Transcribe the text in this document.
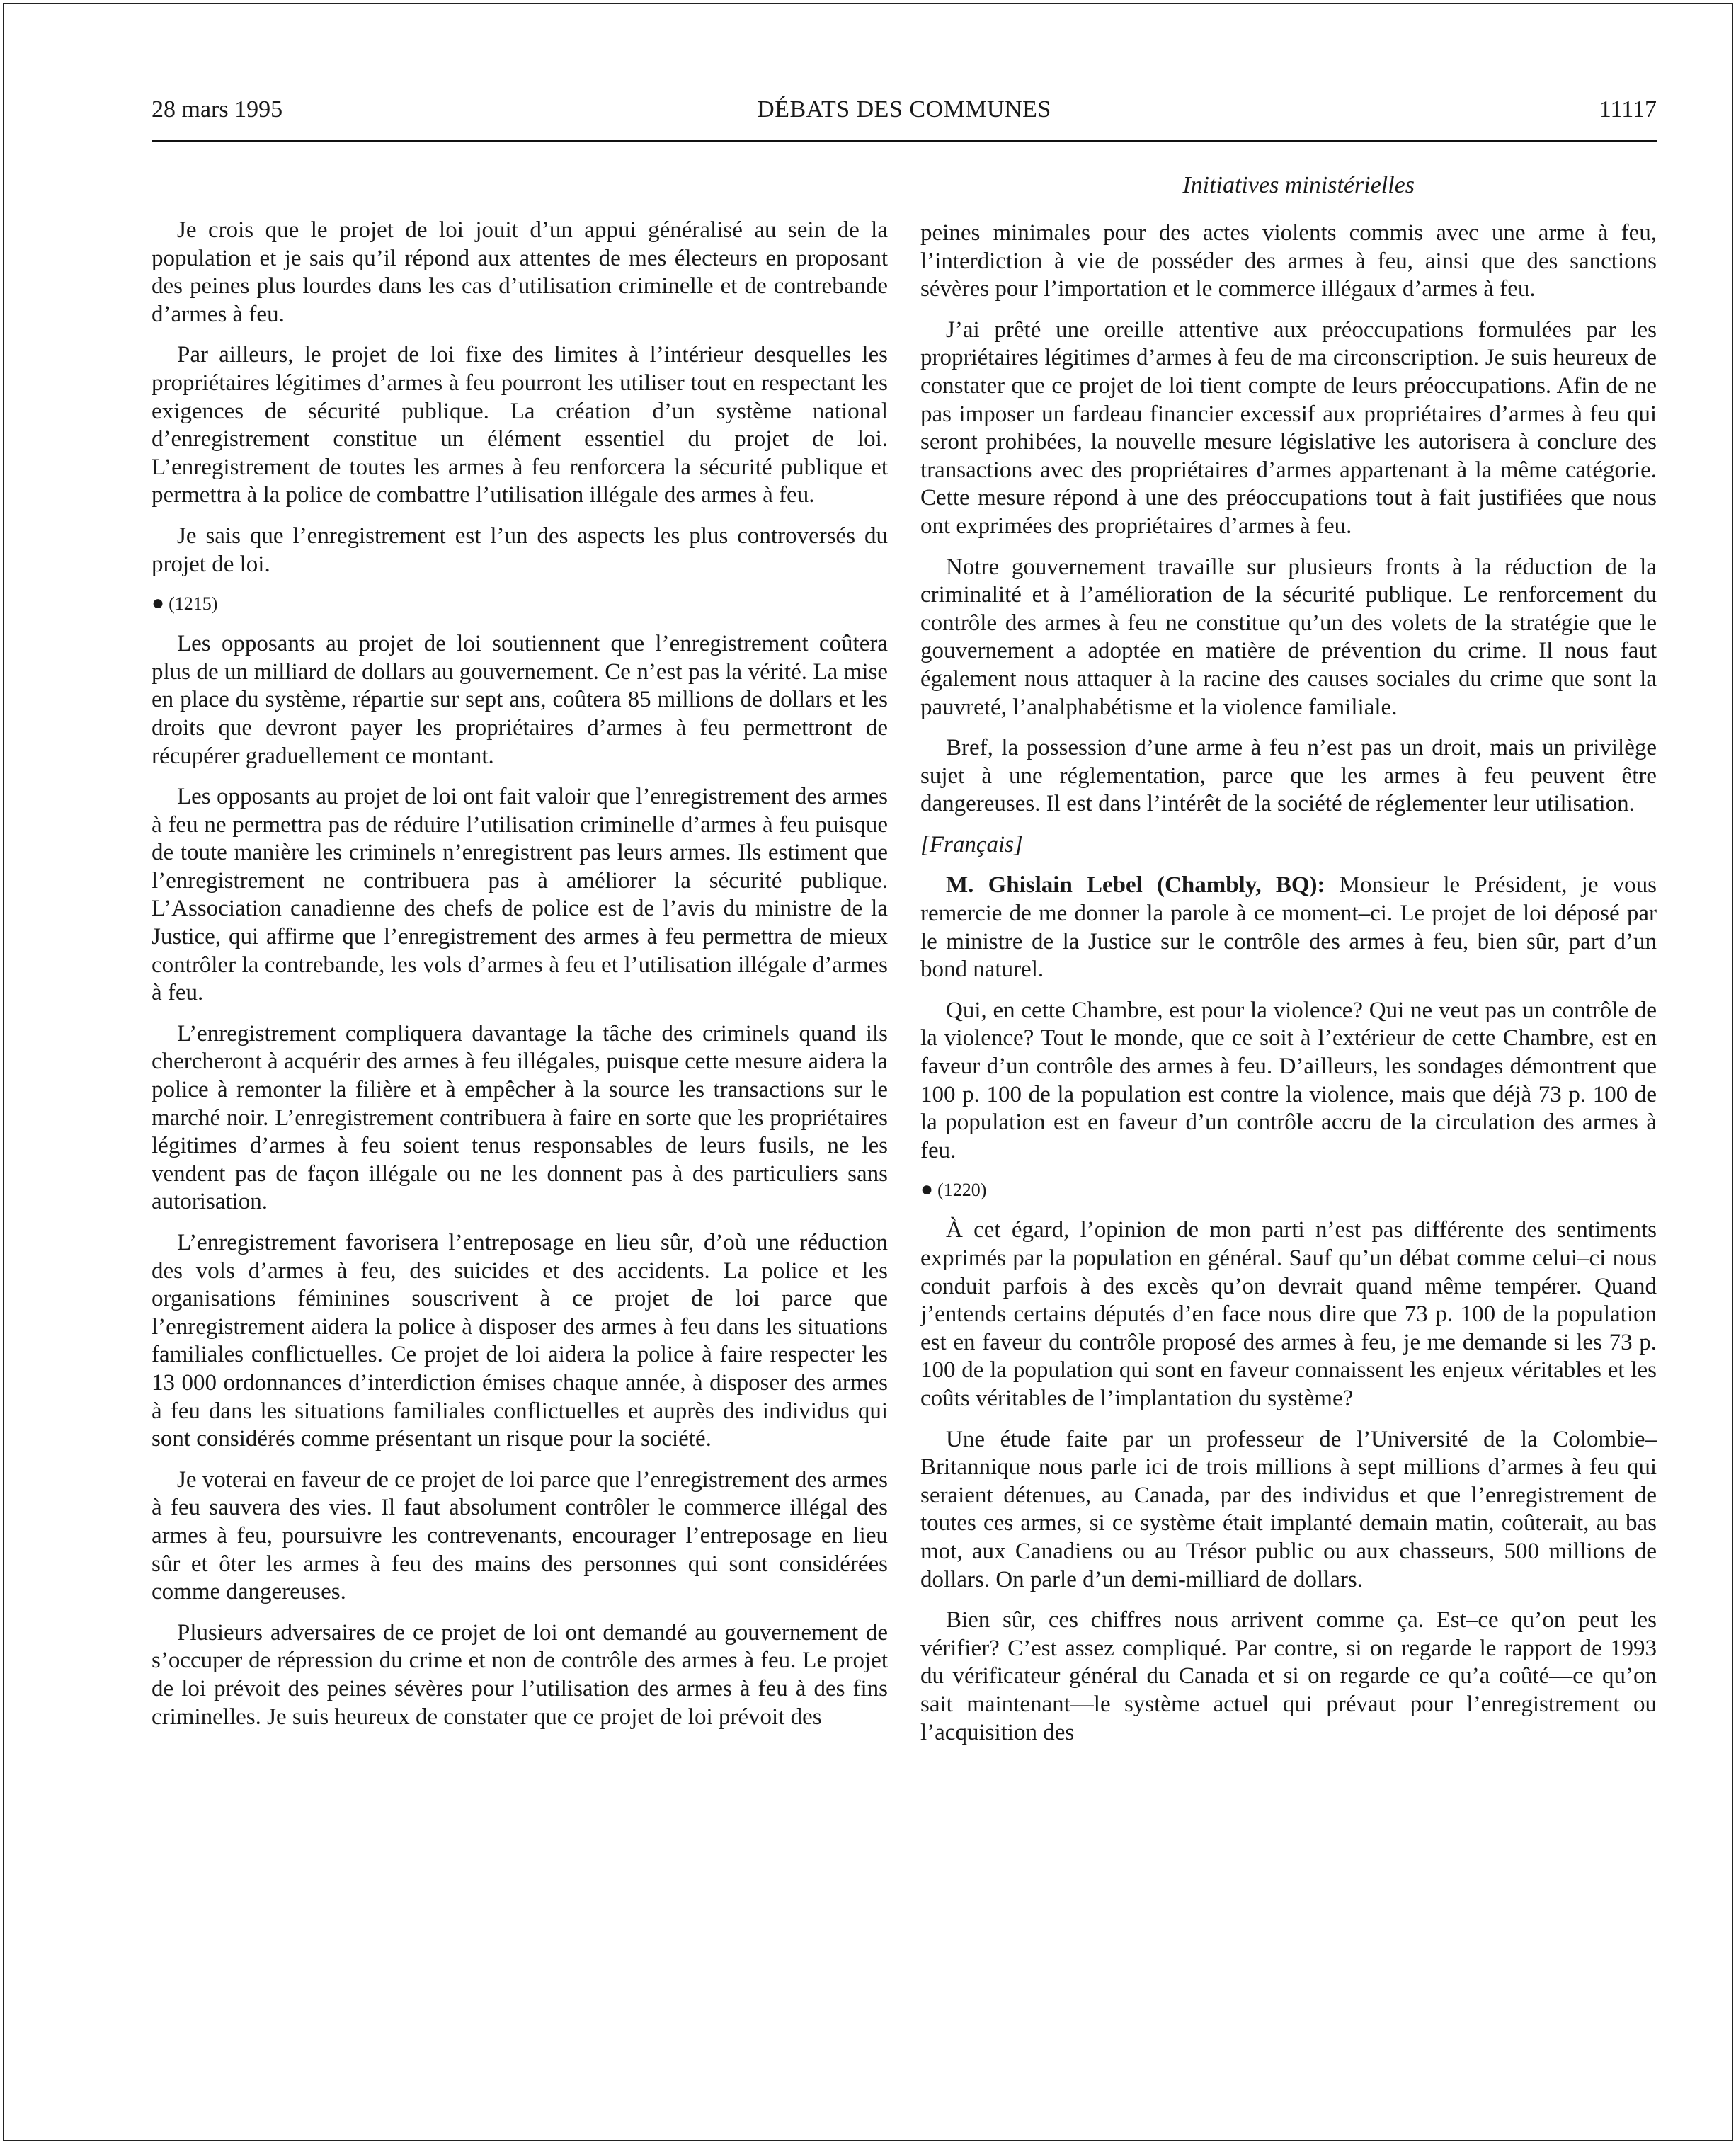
28 mars 1995	DÉBATS DES COMMUNES	11117
Initiatives ministérielles

Je crois que le projet de loi jouit d’un appui généralisé au sein de la population et je sais qu’il répond aux attentes de mes électeurs en proposant des peines plus lourdes dans les cas d’utilisation criminelle et de contrebande d’armes à feu.

Par ailleurs, le projet de loi fixe des limites à l’intérieur desquelles les propriétaires légitimes d’armes à feu pourront les utiliser tout en respectant les exigences de sécurité publique. La création d’un système national d’enregistrement constitue un élément essentiel du projet de loi. L’enregistrement de toutes les armes à feu renforcera la sécurité publique et permettra à la police de combattre l’utilisation illégale des armes à feu.

Je sais que l’enregistrement est l’un des aspects les plus controversés du projet de loi.

● (1215)

Les opposants au projet de loi soutiennent que l’enregistrement coûtera plus de un milliard de dollars au gouvernement. Ce n’est pas la vérité. La mise en place du système, répartie sur sept ans, coûtera 85 millions de dollars et les droits que devront payer les propriétaires d’armes à feu permettront de récupérer graduellement ce montant.

Les opposants au projet de loi ont fait valoir que l’enregistrement des armes à feu ne permettra pas de réduire l’utilisation criminelle d’armes à feu puisque de toute manière les criminels n’enregistrent pas leurs armes. Ils estiment que l’enregistrement ne contribuera pas à améliorer la sécurité publique. L’Association canadienne des chefs de police est de l’avis du ministre de la Justice, qui affirme que l’enregistrement des armes à feu permettra de mieux contrôler la contrebande, les vols d’armes à feu et l’utilisation illégale d’armes à feu.

L’enregistrement compliquera davantage la tâche des criminels quand ils chercheront à acquérir des armes à feu illégales, puisque cette mesure aidera la police à remonter la filière et à empêcher à la source les transactions sur le marché noir. L’enregistrement contribuera à faire en sorte que les propriétaires légitimes d’armes à feu soient tenus responsables de leurs fusils, ne les vendent pas de façon illégale ou ne les donnent pas à des particuliers sans autorisation.

L’enregistrement favorisera l’entreposage en lieu sûr, d’où une réduction des vols d’armes à feu, des suicides et des accidents. La police et les organisations féminines souscrivent à ce projet de loi parce que l’enregistrement aidera la police à disposer des armes à feu dans les situations familiales conflictuelles. Ce projet de loi aidera la police à faire respecter les 13 000 ordonnances d’interdiction émises chaque année, à disposer des armes à feu dans les situations familiales conflictuelles et auprès des individus qui sont considérés comme présentant un risque pour la société.

Je voterai en faveur de ce projet de loi parce que l’enregistrement des armes à feu sauvera des vies. Il faut absolument contrôler le commerce illégal des armes à feu, poursuivre les contrevenants, encourager l’entreposage en lieu sûr et ôter les armes à feu des mains des personnes qui sont considérées comme dangereuses.

Plusieurs adversaires de ce projet de loi ont demandé au gouvernement de s’occuper de répression du crime et non de contrôle des armes à feu. Le projet de loi prévoit des peines sévères pour l’utilisation des armes à feu à des fins criminelles. Je suis heureux de constater que ce projet de loi prévoit des

peines minimales pour des actes violents commis avec une arme à feu, l’interdiction à vie de posséder des armes à feu, ainsi que des sanctions sévères pour l’importation et le commerce illégaux d’armes à feu.

J’ai prêté une oreille attentive aux préoccupations formulées par les propriétaires légitimes d’armes à feu de ma circonscription. Je suis heureux de constater que ce projet de loi tient compte de leurs préoccupations. Afin de ne pas imposer un fardeau financier excessif aux propriétaires d’armes à feu qui seront prohibées, la nouvelle mesure législative les autorisera à conclure des transactions avec des propriétaires d’armes appartenant à la même catégorie. Cette mesure répond à une des préoccupations tout à fait justifiées que nous ont exprimées des propriétaires d’armes à feu.

Notre gouvernement travaille sur plusieurs fronts à la réduction de la criminalité et à l’amélioration de la sécurité publique. Le renforcement du contrôle des armes à feu ne constitue qu’un des volets de la stratégie que le gouvernement a adoptée en matière de prévention du crime. Il nous faut également nous attaquer à la racine des causes sociales du crime que sont la pauvreté, l’analphabétisme et la violence familiale.

Bref, la possession d’une arme à feu n’est pas un droit, mais un privilège sujet à une réglementation, parce que les armes à feu peuvent être dangereuses. Il est dans l’intérêt de la société de réglementer leur utilisation.

[Français]

M. Ghislain Lebel (Chambly, BQ): Monsieur le Président, je vous remercie de me donner la parole à ce moment–ci. Le projet de loi déposé par le ministre de la Justice sur le contrôle des armes à feu, bien sûr, part d’un bond naturel.

Qui, en cette Chambre, est pour la violence? Qui ne veut pas un contrôle de la violence? Tout le monde, que ce soit à l’extérieur de cette Chambre, est en faveur d’un contrôle des armes à feu. D’ailleurs, les sondages démontrent que 100 p. 100 de la population est contre la violence, mais que déjà 73 p. 100 de la population est en faveur d’un contrôle accru de la circulation des armes à feu.

● (1220)

À cet égard, l’opinion de mon parti n’est pas différente des sentiments exprimés par la population en général. Sauf qu’un débat comme celui–ci nous conduit parfois à des excès qu’on devrait quand même tempérer. Quand j’entends certains députés d’en face nous dire que 73 p. 100 de la population est en faveur du contrôle proposé des armes à feu, je me demande si les 73 p. 100 de la population qui sont en faveur connaissent les enjeux véritables et les coûts véritables de l’implantation du système?

Une étude faite par un professeur de l’Université de la Colombie–Britannique nous parle ici de trois millions à sept millions d’armes à feu qui seraient détenues, au Canada, par des individus et que l’enregistrement de toutes ces armes, si ce système était implanté demain matin, coûterait, au bas mot, aux Canadiens ou au Trésor public ou aux chasseurs, 500 millions de dollars. On parle d’un demi-milliard de dollars.

Bien sûr, ces chiffres nous arrivent comme ça. Est–ce qu’on peut les vérifier? C’est assez compliqué. Par contre, si on regarde le rapport de 1993 du vérificateur général du Canada et si on regarde ce qu’a coûté—ce qu’on sait maintenant—le système actuel qui prévaut pour l’enregistrement ou l’acquisition des
